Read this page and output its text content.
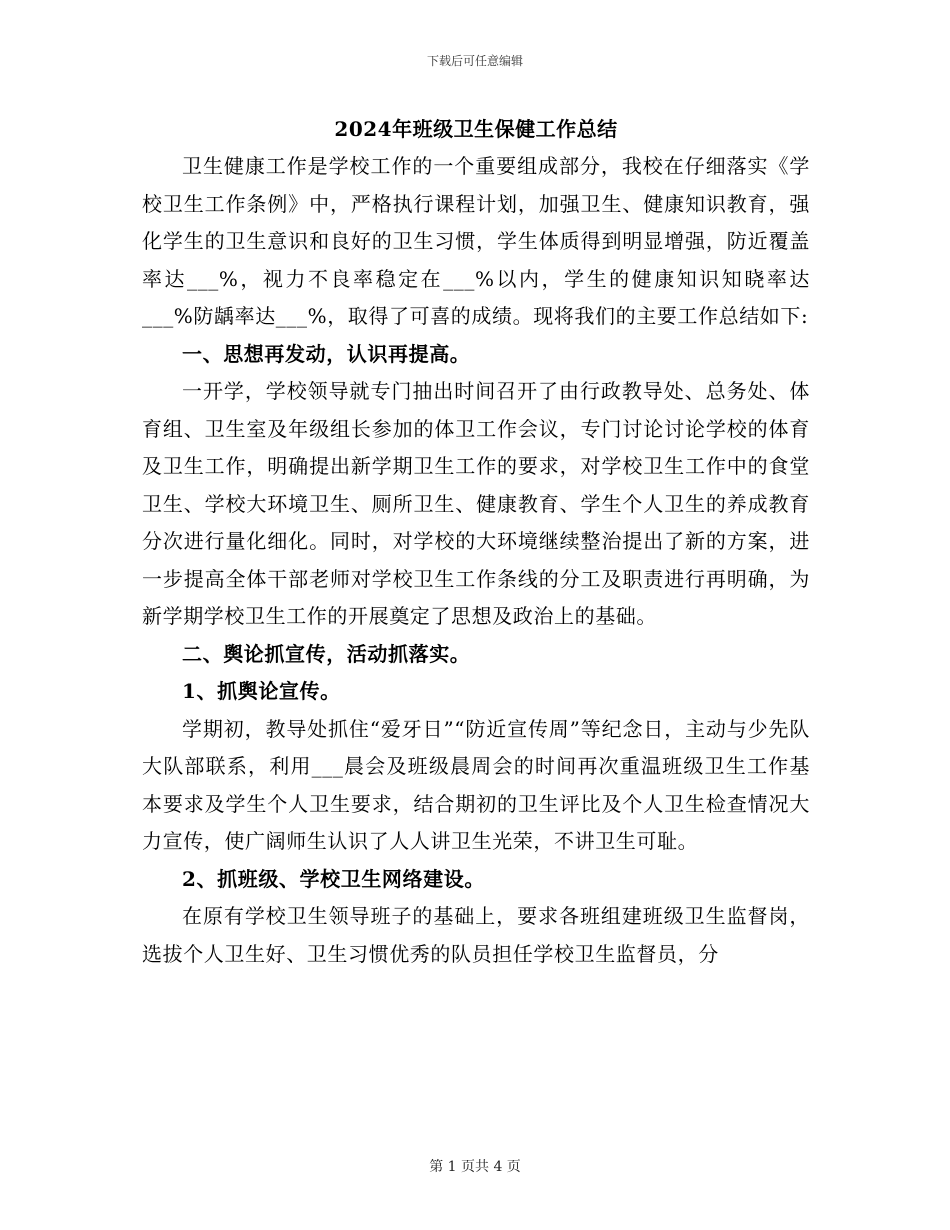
下载后可任意编辑
2024年班级卫生保健工作总结

卫生健康工作是学校工作的一个重要组成部分，我校在仔细落实《学校卫生工作条例》中，严格执行课程计划，加强卫生、健康知识教育，强化学生的卫生意识和良好的卫生习惯，学生体质得到明显增强，防近覆盖率达___%，视力不良率稳定在___%以内，学生的健康知识知晓率达___%防龋率达___%，取得了可喜的成绩。现将我们的主要工作总结如下:

一、思想再发动，认识再提高。

一开学，学校领导就专门抽出时间召开了由行政教导处、总务处、体育组、卫生室及年级组长参加的体卫工作会议，专门讨论讨论学校的体育及卫生工作，明确提出新学期卫生工作的要求，对学校卫生工作中的食堂卫生、学校大环境卫生、厕所卫生、健康教育、学生个人卫生的养成教育分次进行量化细化。同时，对学校的大环境继续整治提出了新的方案，进一步提高全体干部老师对学校卫生工作条线的分工及职责进行再明确，为新学期学校卫生工作的开展奠定了思想及政治上的基础。

二、舆论抓宣传，活动抓落实。

1、抓舆论宣传。

学期初，教导处抓住“爱牙日”“防近宣传周”等纪念日，主动与少先队大队部联系，利用___晨会及班级晨周会的时间再次重温班级卫生工作基本要求及学生个人卫生要求，结合期初的卫生评比及个人卫生检查情况大力宣传，使广阔师生认识了人人讲卫生光荣，不讲卫生可耻。

2、抓班级、学校卫生网络建设。

在原有学校卫生领导班子的基础上，要求各班组建班级卫生监督岗，选拔个人卫生好、卫生习惯优秀的队员担任学校卫生监督员，分

第 1 页共 4 页
